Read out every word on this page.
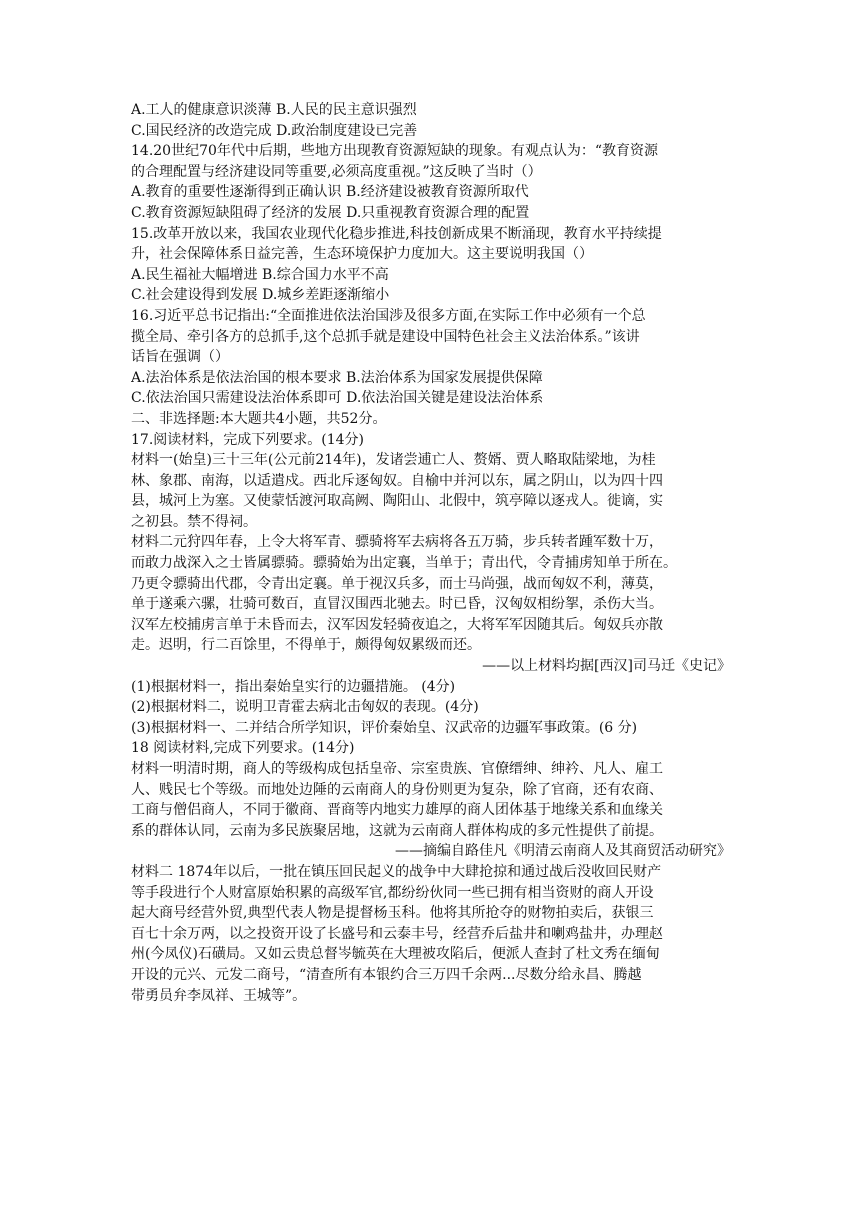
A.工人的健康意识淡薄 B.人民的民主意识强烈
C.国民经济的改造完成 D.政治制度建设已完善
14.20世纪70年代中后期，些地方出现教育资源短缺的现象。有观点认为：“教育资源
的合理配置与经济建设同等重要,必须高度重视。”这反映了当时（）
A.教育的重要性逐渐得到正确认识 B.经济建设被教育资源所取代
C.教育资源短缺阻碍了经济的发展 D.只重视教育资源合理的配置
15.改革开放以来，我国农业现代化稳步推进,科技创新成果不断涌现，教育水平持续提
升，社会保障体系日益完善，生态环境保护力度加大。这主要说明我国（）
A.民生福祉大幅增进 B.综合国力水平不高
C.社会建设得到发展 D.城乡差距逐渐缩小
16.习近平总书记指出:“全面推进依法治国涉及很多方面,在实际工作中必须有一个总
揽全局、牵引各方的总抓手,这个总抓手就是建设中国特色社会主义法治体系。”该讲
话旨在强调（）
A.法治体系是依法治国的根本要求 B.法治体系为国家发展提供保障
C.依法治国只需建设法治体系即可 D.依法治国关键是建设法治体系
二、非选择题:本大题共4小题，共52分。
17.阅读材料，完成下列要求。(14分)
材料一(始皇)三十三年(公元前214年)，发诸尝逋亡人、赘婿、贾人略取陆梁地，为桂
林、象郡、南海，以适遣戍。西北斥逐匈奴。自榆中并河以东，属之阴山，以为四十四
县，城河上为塞。又使蒙恬渡河取高阙、陶阳山、北假中，筑亭障以逐戎人。徙谪，实
之初县。禁不得祠。
材料二元狩四年春，上令大将军青、骠骑将军去病将各五万骑，步兵转者踵军数十万，
而敢力战深入之士皆属骠骑。骠骑始为出定襄，当单于；青出代，令青捕虏知单于所在。
乃更令骠骑出代郡，令青出定襄。单于视汉兵多，而士马尚强，战而匈奴不利，薄莫，
单于遂乘六骡，壮骑可数百，直冒汉围西北驰去。时已昏，汉匈奴相纷挐，杀伤大当。
汉军左校捕虏言单于未昏而去，汉军因发轻骑夜追之，大将军军因随其后。匈奴兵亦散
走。迟明，行二百馀里，不得单于，颇得匈奴累级而还。
——以上材料均据[西汉]司马迁《史记》
(1)根据材料一，指出秦始皇实行的边疆措施。 (4分)
(2)根据材料二，说明卫青霍去病北击匈奴的表现。(4分)
(3)根据材料一、二并结合所学知识，评价秦始皇、汉武帝的边疆军事政策。(6 分)
18 阅读材料,完成下列要求。(14分)
材料一明清时期，商人的等级构成包括皇帝、宗室贵族、官僚缙绅、绅衿、凡人、雇工
人、贱民七个等级。而地处边陲的云南商人的身份则更为复杂，除了官商，还有农商、
工商与僧侣商人，不同于徽商、晋商等内地实力雄厚的商人团体基于地缘关系和血缘关
系的群体认同，云南为多民族聚居地，这就为云南商人群体构成的多元性提供了前提。
——摘编自路佳凡《明清云南商人及其商贸活动研究》
材料二 1874年以后，一批在镇压回民起义的战争中大肆抢掠和通过战后没收回民财产
等手段进行个人财富原始积累的高级军官,都纷纷伙同一些已拥有相当资财的商人开设
起大商号经营外贸,典型代表人物是提督杨玉科。他将其所抢夺的财物拍卖后，获银三
百七十余万两，以之投资开设了长盛号和云泰丰号，经营乔后盐井和喇鸡盐井，办理赵
州(今凤仪)石磺局。又如云贵总督岑毓英在大理被攻陷后，便派人查封了杜文秀在缅甸
开设的元兴、元发二商号，“清查所有本银约合三万四千余两...尽数分给永昌、腾越
带勇员弁李凤祥、王城等”。
